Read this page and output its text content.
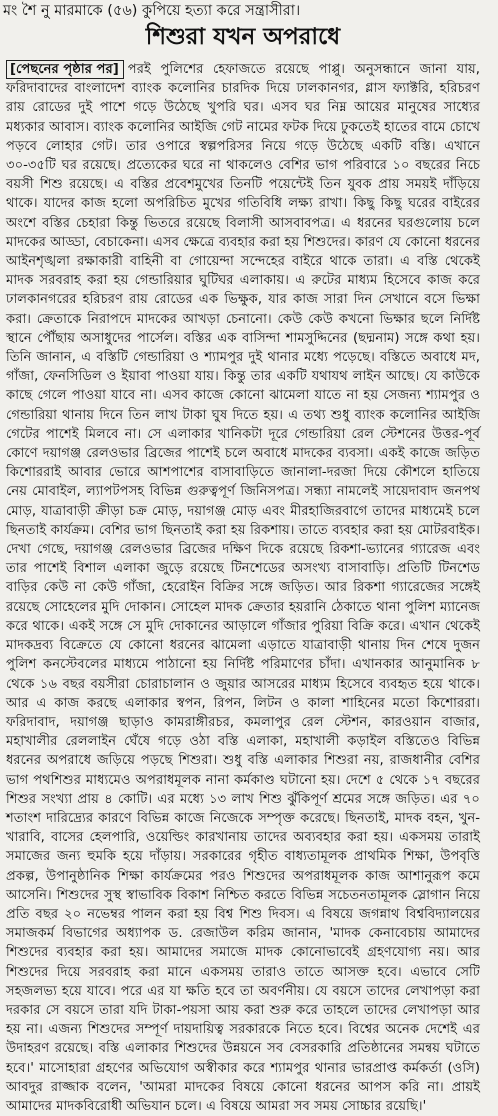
মং শৈ নু মারমাকে (৫৬) কুপিয়ে হত্যা করে সন্ত্রাসীরা।
শিশুরা যখন অপরাধে
[পেছনের পৃষ্ঠার পর] পরই পুলিশের হেফাজতে রয়েছে পাপ্পু। অনুসন্ধানে জানা যায়, ফরিদাবাদের বাংলাদেশ ব্যাংক কলোনির চারদিক দিয়ে ঢালকানগর, গ্লাস ফ্যাক্টরি, হরিচরণ রায় রোডের দুই পাশে গড়ে উঠেছে খুপরি ঘর। এসব ঘর নিম্ন আয়ের মানুষের সাধ্যের মধ্যকার আবাস। ব্যাংক কলোনির আইজি গেট নামের ফটক দিয়ে ঢুকতেই হাতের বামে চোখে পড়বে লোহার গেট। তার ওপারে স্বল্পপরিসর নিয়ে গড়ে উঠেছে একটি বস্তি। এখানে ৩০-৩৫টি ঘর রয়েছে। প্রত্যেকের ঘরে না থাকলেও বেশির ভাগ পরিবারে ১০ বছরের নিচে বয়সী শিশু রয়েছে। এ বস্তির প্রবেশমুখের তিনটি পয়েন্টেই তিন যুবক প্রায় সময়ই দাঁড়িয়ে থাকে। যাদের কাজ হলো অপরিচিত মুখের গতিবিধি লক্ষ্য রাখা। কিছু কিছু ঘরের বাইরের অংশে বস্তির চেহারা কিন্তু ভিতরে রয়েছে বিলাসী আসবাবপত্র। এ ধরনের ঘরগুলোয় চলে মাদকের আড্ডা, বেচাকেনা। এসব ক্ষেত্রে ব্যবহার করা হয় শিশুদের। কারণ যে কোনো ধরনের আইনশৃঙ্খলা রক্ষাকারী বাহিনী বা গোয়েন্দা সন্দেহের বাইরে থাকে তারা। এ বস্তি থেকেই মাদক সরবরাহ করা হয় গেন্ডারিয়ার ঘুটিঘর এলাকায়। এ রুটের মাধ্যম হিসেবে কাজ করে ঢালকানগরের হরিচরণ রায় রোডের এক ভিক্ষুক, যার কাজ সারা দিন সেখানে বসে ভিক্ষা করা। ক্রেতাকে নিরাপদে মাদকের আখড়া চেনানো। কেউ কেউ কখনো ভিক্ষার ছলে নির্দিষ্ট স্থানে পৌঁছায় অসাধুদের পার্সেল। বস্তির এক বাসিন্দা শামসুদ্দিনের (ছদ্মনাম) সঙ্গে কথা হয়। তিনি জানান, এ বস্তিটি গেন্ডারিয়া ও শ্যামপুর দুই থানার মধ্যে পড়েছে। বস্তিতে অবাধে মদ, গাঁজা, ফেনসিডিল ও ইয়াবা পাওয়া যায়। কিন্তু তার একটি যথাযথ লাইন আছে। যে কাউকে কাছে গেলে পাওয়া যাবে না। এসব কাজে কোনো ঝামেলা যাতে না হয় সেজন্য শ্যামপুর ও গেন্ডারিয়া থানায় দিনে তিন লাখ টাকা ঘুষ দিতে হয়। এ তথ্য শুধু ব্যাংক কলোনির আইজি গেটের পাশেই মিলবে না। সে এলাকার খানিকটা দূরে গেন্ডারিয়া রেল স্টেশনের উত্তর-পূর্ব কোণে দয়াগঞ্জ রেলওভার ব্রিজের পাশেই চলে অবাধে মাদকের ব্যবসা। একই কাজে জড়িত কিশোররাই আবার ভোরে আশপাশের বাসাবাড়িতে জানালা-দরজা দিয়ে কৌশলে হাতিয়ে নেয় মোবাইল, ল্যাপটপসহ বিভিন্ন গুরুত্বপূর্ণ জিনিসপত্র। সন্ধ্যা নামলেই সায়েদাবাদ জনপথ মোড়, যাত্রাবাড়ী ক্রীড়া চক্র মোড়, দয়াগঞ্জ মোড় এবং মীরহাজিরবাগে তাদের মাধ্যমেই চলে ছিনতাই কার্যক্রম। বেশির ভাগ ছিনতাই করা হয় রিকশায়। তাতে ব্যবহার করা হয় মোটরবাইক। দেখা গেছে, দয়াগঞ্জ রেলওভার ব্রিজের দক্ষিণ দিকে রয়েছে রিকশা-ভ্যানের গ্যারেজ এবং তার পাশেই বিশাল এলাকা জুড়ে রয়েছে টিনশেডের অসংখ্য বাসাবাড়ি। প্রতিটি টিনশেড বাড়ির কেউ না কেউ গাঁজা, হেরোইন বিক্রির সঙ্গে জড়িত। আর রিকশা গ্যারেজের সঙ্গেই রয়েছে সোহেলের মুদি দোকান। সোহেল মাদক ক্রেতার হয়রানি ঠেকাতে থানা পুলিশ ম্যানেজ করে থাকে। একই সঙ্গে সে মুদি দোকানের আড়ালে গাঁজার পুরিয়া বিক্রি করে। এখান থেকেই মাদকদ্রব্য বিক্রেতে যে কোনো ধরনের ঝামেলা এড়াতে যাত্রাবাড়ী থানায় দিন শেষে দুজন পুলিশ কনস্টেবলের মাধ্যমে পাঠানো হয় নির্দিষ্ট পরিমাণের চাঁদা। এখানকার আনুমানিক ৮ থেকে ১৬ বছর বয়সীরা চোরাচালান ও জুয়ার আসরের মাধ্যম হিসেবে ব্যবহৃত হয়ে থাকে। আর এ কাজ করছে এলাকার স্বপন, রিপন, লিটন ও কালা শাহিনের মতো কিশোররা। ফরিদাবাদ, দয়াগঞ্জ ছাড়াও কামরাঙ্গীরচর, কমলাপুর রেল স্টেশন, কারওয়ান বাজার, মহাখালীর রেললাইন ঘেঁষে গড়ে ওঠা বস্তি এলাকা, মহাখালী কড়াইল বস্তিতেও বিভিন্ন ধরনের অপরাধে জড়িয়ে পড়ছে শিশুরা। শুধু বস্তি এলাকার শিশুরা নয়, রাজধানীর বেশির ভাগ পথশিশুর মাধ্যমেও অপরাধমূলক নানা কর্মকাণ্ড ঘটানো হয়। দেশে ৫ থেকে ১৭ বছরের শিশুর সংখ্যা প্রায় ৪ কোটি। এর মধ্যে ১৩ লাখ শিশু ঝুঁকিপূর্ণ শ্রমের সঙ্গে জড়িত। এর ৭০ শতাংশ দারিদ্র্যের কারণে বিভিন্ন কাজে নিজেকে সম্পৃক্ত করেছে। ছিনতাই, মাদক বহন, খুন-খারাবি, বাসের হেলপারি, ওয়েল্ডিং কারখানায় তাদের অব্যবহার করা হয়। একসময় তারাই সমাজের জন্য হুমকি হয়ে দাঁড়ায়। সরকারের গৃহীত বাধ্যতামূলক প্রাথমিক শিক্ষা, উপবৃত্তি প্রকল্প, উপানুষ্ঠানিক শিক্ষা কার্যক্রমের পরও শিশুদের অপরাধমূলক কাজ আশানুরূপ কমে আসেনি। শিশুদের সুস্থ স্বাভাবিক বিকাশ নিশ্চিত করতে বিভিন্ন সচেতনতামূলক স্লোগান নিয়ে প্রতি বছর ২০ নভেম্বর পালন করা হয় বিশ্ব শিশু দিবস। এ বিষয়ে জগন্নাথ বিশ্ববিদ্যালয়ের সমাজকর্ম বিভাগের অধ্যাপক ড. রেজাউল করিম জানান, 'মাদক কেনাবেচায় আমাদের শিশুদের ব্যবহার করা হয়। আমাদের সমাজে মাদক কোনোভাবেই গ্রহণযোগ্য নয়। আর শিশুদের দিয়ে সরবরাহ করা মানে একসময় তারাও তাতে আসক্ত হবে। এভাবে সেটি সহজলভ্য হয়ে যাবে। পরে এর যা ক্ষতি হবে তা অবর্ণনীয়। যে বয়সে তাদের লেখাপড়া করা দরকার সে বয়সে তারা যদি টাকা-পয়সা আয় করা শুরু করে তাহলে তাদের লেখাপড়া আর হয় না। এজন্য শিশুদের সম্পূর্ণ দায়দায়িত্ব সরকারকে নিতে হবে। বিশ্বের অনেক দেশেই এর উদাহরণ রয়েছে। বস্তি এলাকার শিশুদের উন্নয়নে সব বেসরকারি প্রতিষ্ঠানের সমন্বয় ঘটাতে হবে।' মাসোহারা গ্রহণের অভিযোগ অস্বীকার করে শ্যামপুর থানার ভারপ্রাপ্ত কর্মকর্তা (ওসি) আবদুর রাজ্জাক বলেন, 'আমরা মাদকের বিষয়ে কোনো ধরনের আপস করি না। প্রায়ই আমাদের মাদকবিরোধী অভিযান চলে। এ বিষয়ে আমরা সব সময় সোচ্চার রয়েছি।'
